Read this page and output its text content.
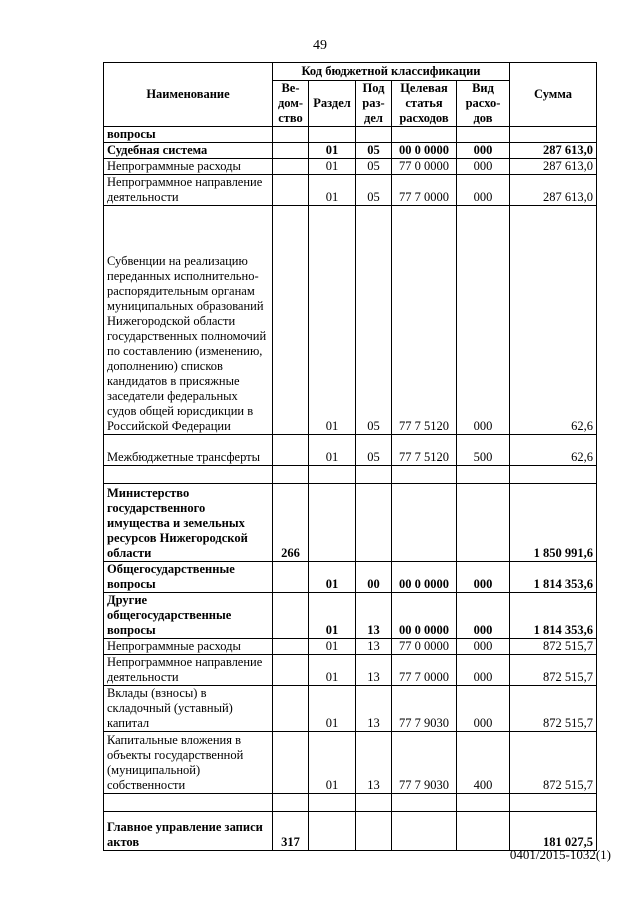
49
Наименование	Код бюджетной классификации					Сумма
	Ве-дом-ство	Раздел	Под раз-дел	Целевая статья расходов	Вид расхо-дов	
вопросы						
Судебная система		01	05	00 0 0000	000	287 613,0
Непрограммные расходы		01	05	77 0 0000	000	287 613,0
Непрограммное направление деятельности		01	05	77 7 0000	000	287 613,0
Субвенции на реализацию переданных исполнительно-распорядительным органам муниципальных образований Нижегородской области государственных полномочий по составлению (изменению, дополнению) списков кандидатов в присяжные заседатели федеральных судов общей юрисдикции в Российской Федерации		01	05	77 7 5120	000	62,6
Межбюджетные трансферты		01	05	77 7 5120	500	62,6

Министерство государственного имущества и земельных ресурсов Нижегородской области	266					1 850 991,6
Общегосударственные вопросы		01	00	00 0 0000	000	1 814 353,6
Другие общегосударственные вопросы		01	13	00 0 0000	000	1 814 353,6
Непрограммные расходы		01	13	77 0 0000	000	872 515,7
Непрограммное направление деятельности		01	13	77 7 0000	000	872 515,7
Вклады (взносы) в складочный (уставный) капитал		01	13	77 7 9030	000	872 515,7
Капитальные вложения в объекты государственной (муниципальной) собственности		01	13	77 7 9030	400	872 515,7

Главное управление записи актов	317					181 027,5
0401/2015-1032(1)
